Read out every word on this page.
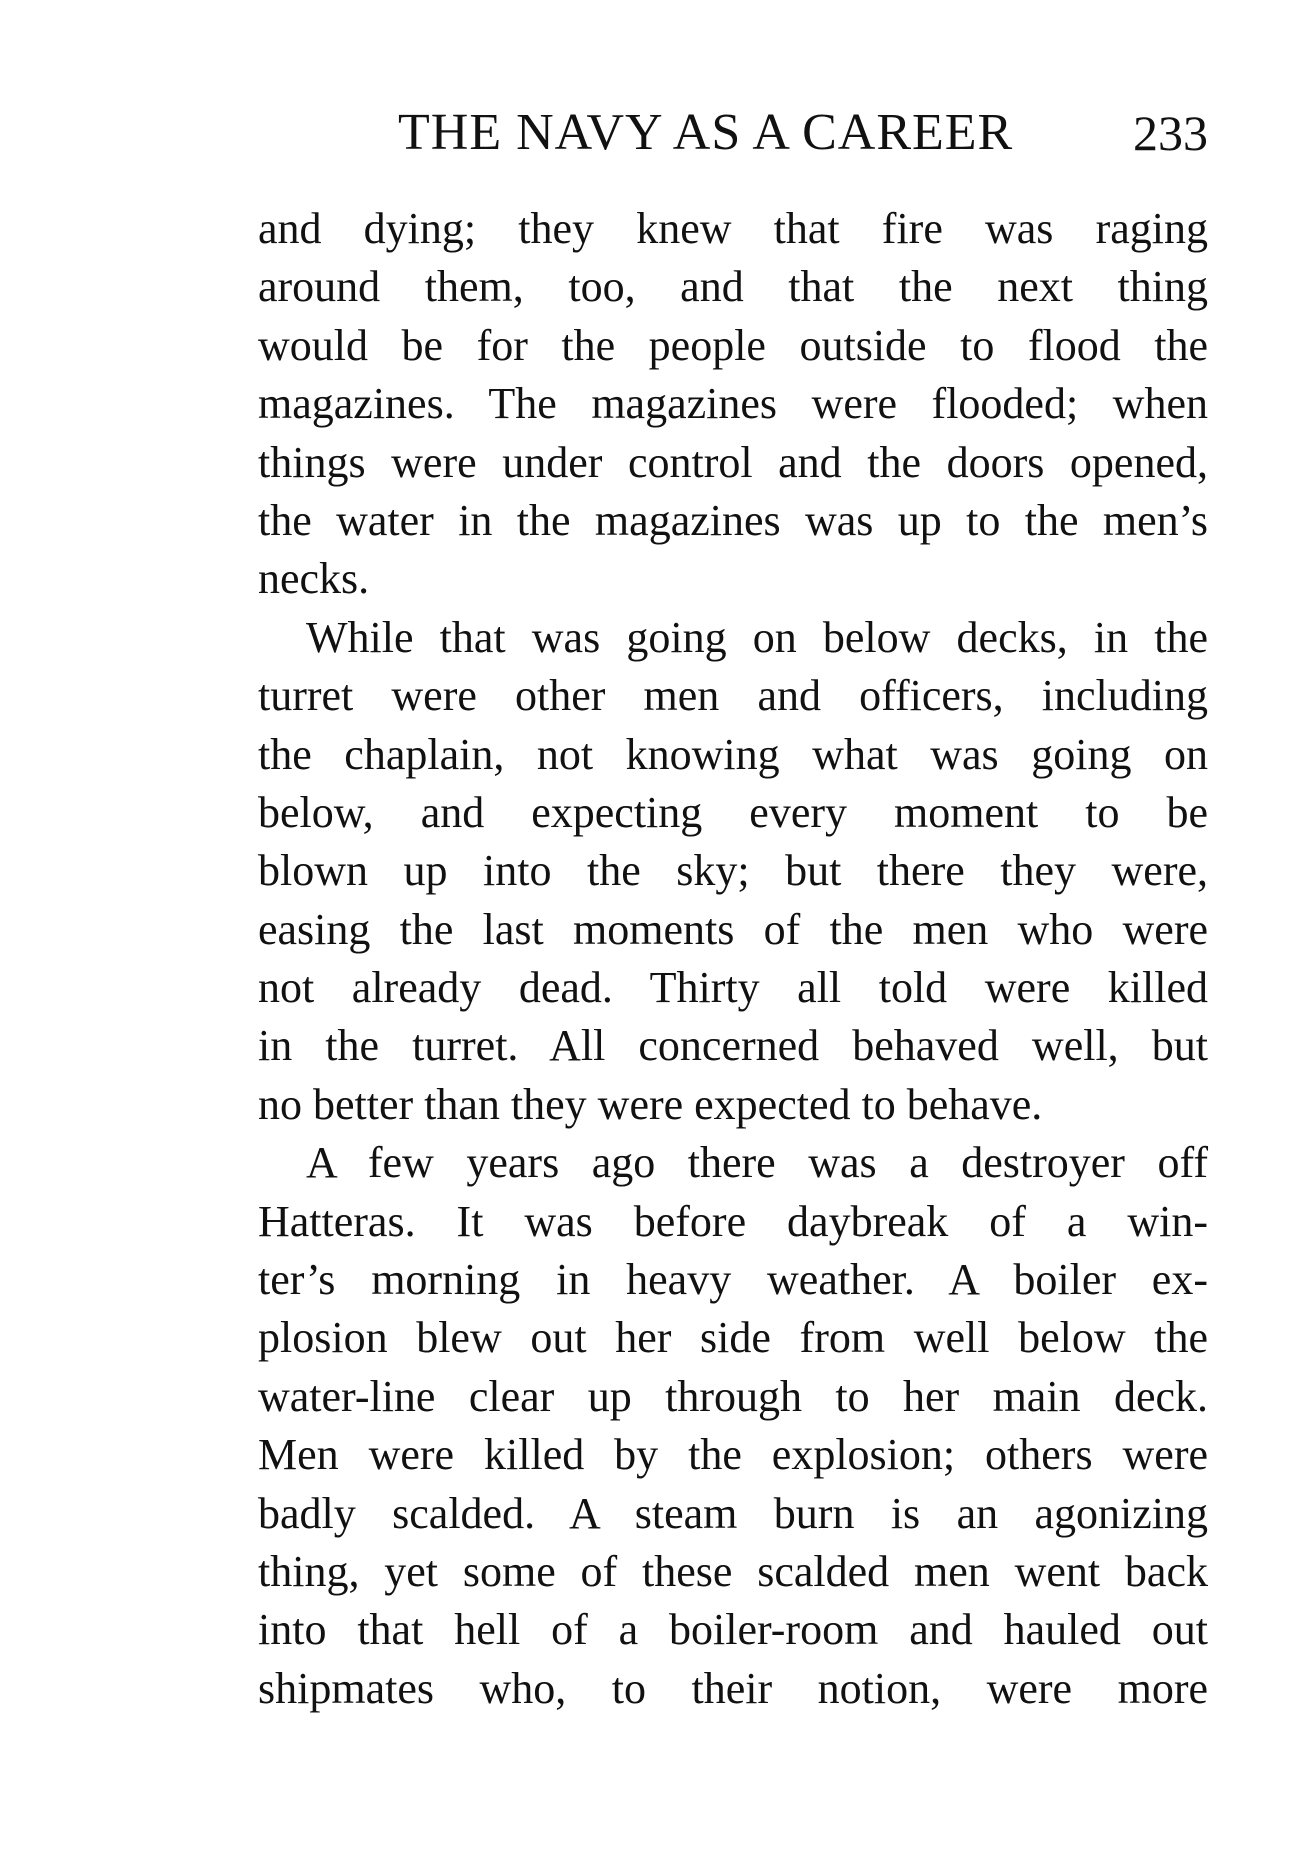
THE NAVY AS A CAREER 233

and dying; they knew that fire was raging
around them, too, and that the next thing
would be for the people outside to flood the
magazines. The magazines were flooded; when
things were under control and the doors opened,
the water in the magazines was up to the men’s
necks.

While that was going on below decks, in the
turret were other men and officers, including
the chaplain, not knowing what was going on
below, and expecting every moment to be
blown up into the sky; but there they were,
easing the last moments of the men who were
not already dead. Thirty all told were killed
in the turret. All concerned behaved well, but
no better than they were expected to behave.

A few years ago there was a destroyer off
Hatteras. It was before daybreak of a win-
ter’s morning in heavy weather. A boiler ex-
plosion blew out her side from well below the
water-line clear up through to her main deck.
Men were killed by the explosion; others were
badly scalded. A steam burn is an agonizing
thing, yet some of these scalded men went back
into that hell of a boiler-room and hauled out
shipmates who, to their notion, were more
